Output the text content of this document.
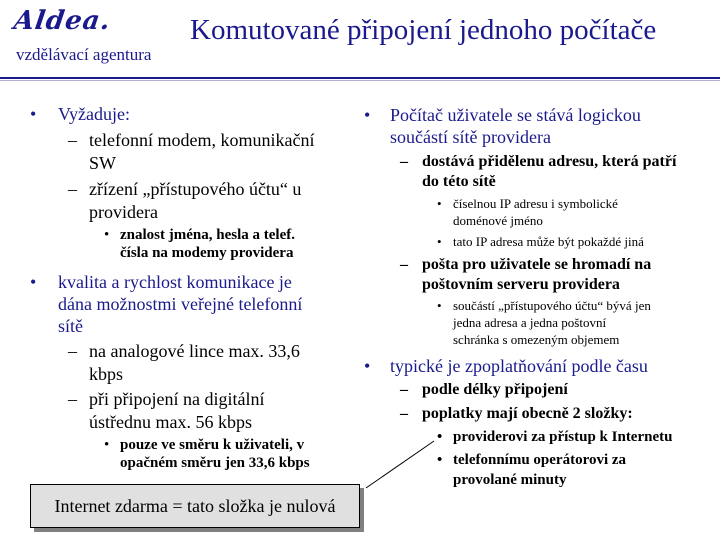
Aldea.
vzdělávací agentura
Komutované připojení jednoho počítače
• Vyžaduje:
– telefonní modem, komunikační
SW
– zřízení „přístupového účtu“ u
providera
• znalost jména, hesla a telef.
čísla na modemy providera
• kvalita a rychlost komunikace je
dána možnostmi veřejné telefonní
sítě
– na analogové lince max. 33,6
kbps
– při připojení na digitální
ústřednu max. 56 kbps
• pouze ve směru k uživateli, v
opačném směru jen 33,6 kbps
• Počítač uživatele se stává logickou
součástí sítě providera
– dostává přidělenu adresu, která patří
do této sítě
• číselnou IP adresu i symbolické
doménové jméno
• tato IP adresa může být pokaždé jiná
– pošta pro uživatele se hromadí na
poštovním serveru providera
• součástí „přístupového účtu“ bývá jen
jedna adresa a jedna poštovní
schránka s omezeným objemem
• typické je zpoplatňování podle času
– podle délky připojení
– poplatky mají obecně 2 složky:
• providerovi za přístup k Internetu
• telefonnímu operátorovi za
provolané minuty
Internet zdarma = tato složka je nulová
